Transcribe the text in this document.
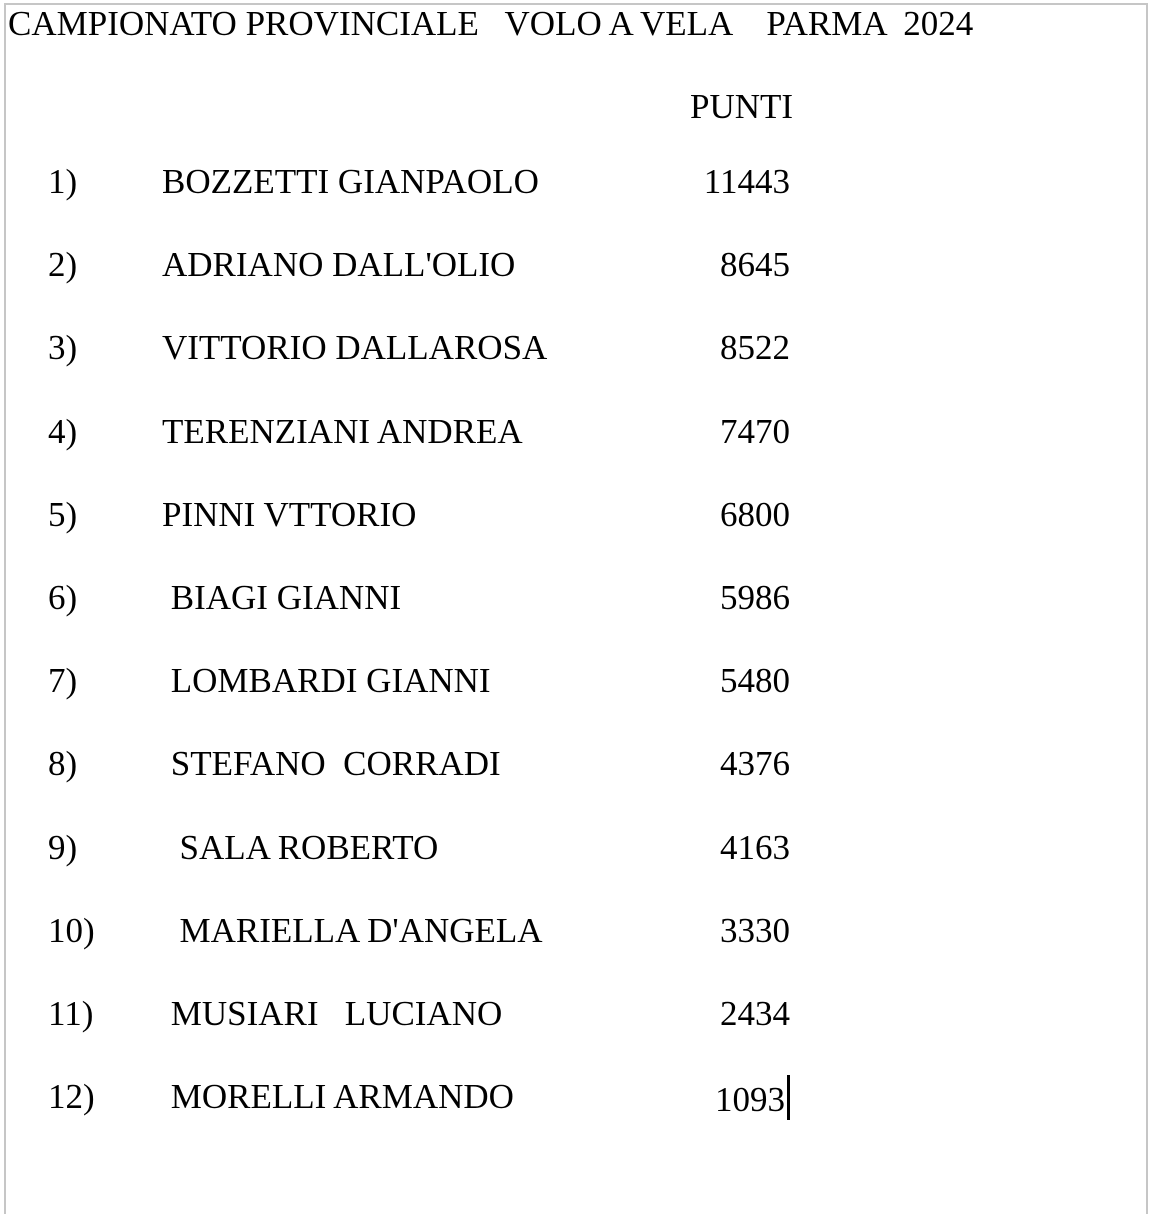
CAMPIONATO PROVINCIALE   VOLO A VELA    PARMA  2024
PUNTI
1) BOZZETTI GIANPAOLO	11443
2) ADRIANO DALL'OLIO	8645
3) VITTORIO DALLAROSA	8522
4) TERENZIANI ANDREA	7470
5) PINNI VTTORIO	6800
6) BIAGI GIANNI	5986
7) LOMBARDI GIANNI	5480
8) STEFANO  CORRADI	4376
9) SALA ROBERTO	4163
10) MARIELLA D'ANGELA	3330
11) MUSIARI   LUCIANO	2434
12) MORELLI ARMANDO	1093
